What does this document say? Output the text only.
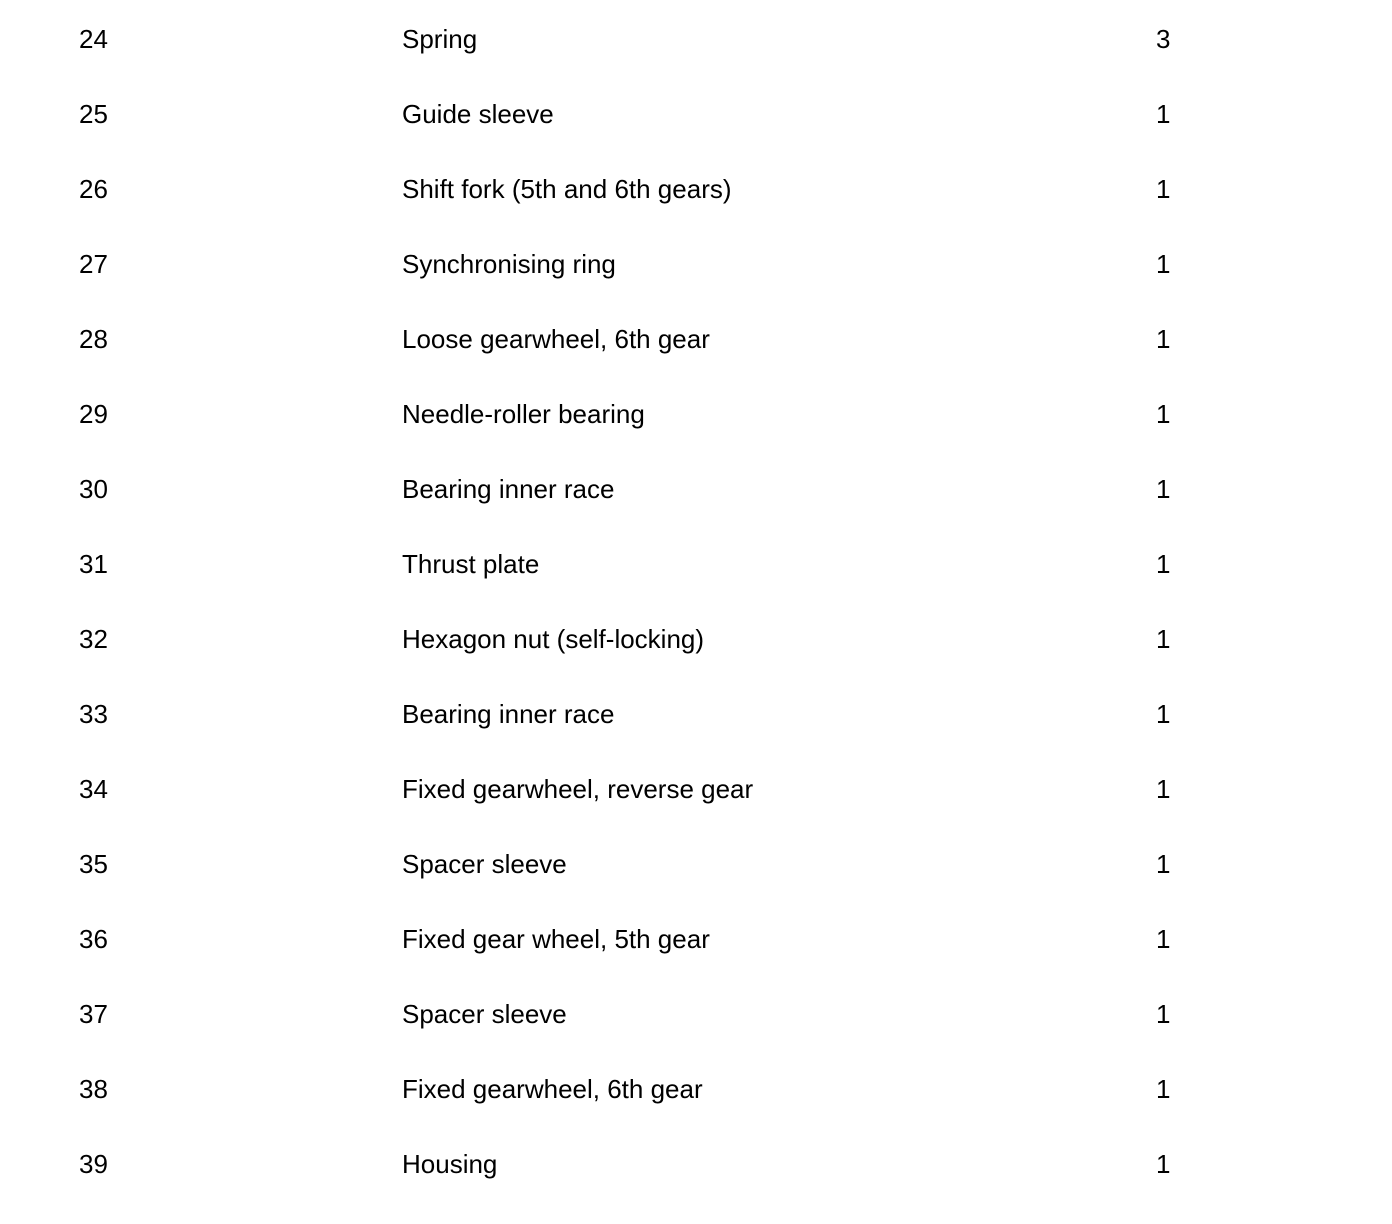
24	Spring	3
25	Guide sleeve	1
26	Shift fork (5th and 6th gears)	1
27	Synchronising ring	1
28	Loose gearwheel, 6th gear	1
29	Needle-roller bearing	1
30	Bearing inner race	1
31	Thrust plate	1
32	Hexagon nut (self-locking)	1
33	Bearing inner race	1
34	Fixed gearwheel, reverse gear	1
35	Spacer sleeve	1
36	Fixed gear wheel, 5th gear	1
37	Spacer sleeve	1
38	Fixed gearwheel, 6th gear	1
39	Housing	1
